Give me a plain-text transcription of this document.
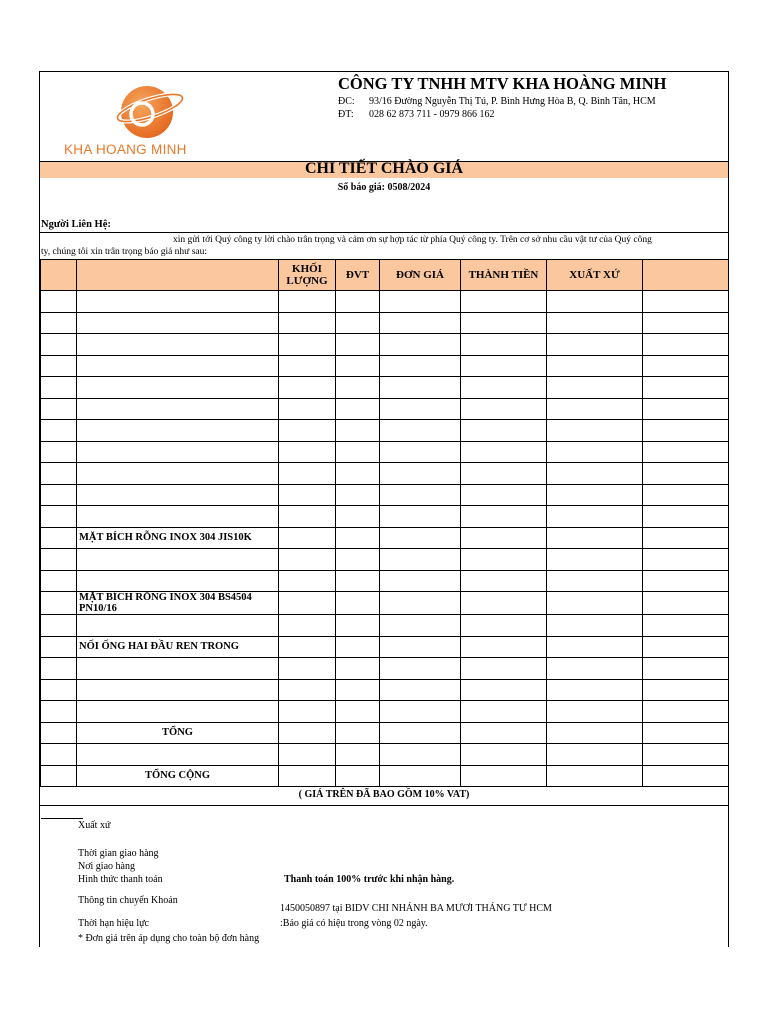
KHA HOANG MINH
CÔNG TY TNHH MTV KHA HOÀNG MINH
ĐC: 93/16 Đường Nguyễn Thị Tú, P. Bình Hưng Hòa B, Q. Bình Tân, HCM
ĐT: 028 62 873 711 - 0979 866 162
CHI TIẾT CHÀO GIÁ
Số báo giá: 0508/2024
Người Liên Hệ:
xin gửi tới Quý công ty lời chào trân trọng và cảm ơn sự hợp tác từ phía Quý công ty. Trên cơ sở nhu cầu vật tư của Quý công
ty, chúng tôi xin trân trọng báo giá như sau:
		KHỐI LƯỢNG	ĐVT	ĐƠN GIÁ	THÀNH TIỀN	XUẤT XỨ	

	MẶT BÍCH RỖNG INOX 304 JIS10K						

	MẶT BÍCH RỖNG INOX 304 BS4504 PN10/16						

	NỐI ỐNG HAI ĐẦU REN TRONG						

	TỔNG						

	TỔNG CỘNG						
( GIÁ TRÊN ĐÃ BAO GỒM 10% VAT)
Xuất xứ
Thời gian giao hàng
Nơi giao hàng
Hình thức thanh toán	Thanh toán 100% trước khi nhận hàng.
Thông tin chuyển Khoản
1450050897 tại BIDV CHI NHÁNH BA MƯƠI THÁNG TƯ HCM
Thời hạn hiệu lực	:Báo giá có hiệu trong vòng 02 ngày.
* Đơn giá trên áp dụng cho toàn bộ đơn hàng
